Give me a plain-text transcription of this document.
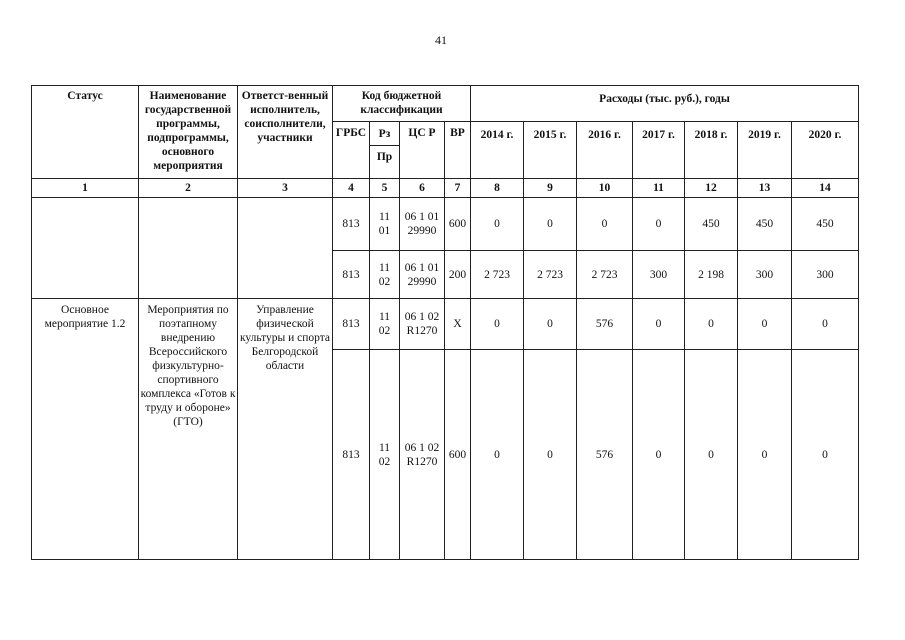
41
Статус	Наименование государственной программы, подпрограммы, основного мероприятия	Ответст-венный исполнитель, соисполнители, участники	Код бюджетной классификации				Расходы (тыс. руб.), годы						
			ГРБС	Рз	ЦС Р	ВР	2014 г.	2015 г.	2016 г.	2017 г.	2018 г.	2019 г.	2020 г.
				Пр									
1	2	3	4	5	6	7	8	9	10	11	12	13	14
			813	11 01	06 1 01 29990	600	0	0	0	0	450	450	450
			813	11 02	06 1 01 29990	200	2 723	2 723	2 723	300	2 198	300	300
Основное мероприятие 1.2	Мероприятия по поэтапному внедрению Всероссийского физкультурно-спортивного комплекса «Готов к труду и обороне» (ГТО)	Управление физической культуры и спорта Белгородской области	813	11 02	06 1 02 R1270	Х	0	0	576	0	0	0	0
			813	11 02	06 1 02 R1270	600	0	0	576	0	0	0	0
